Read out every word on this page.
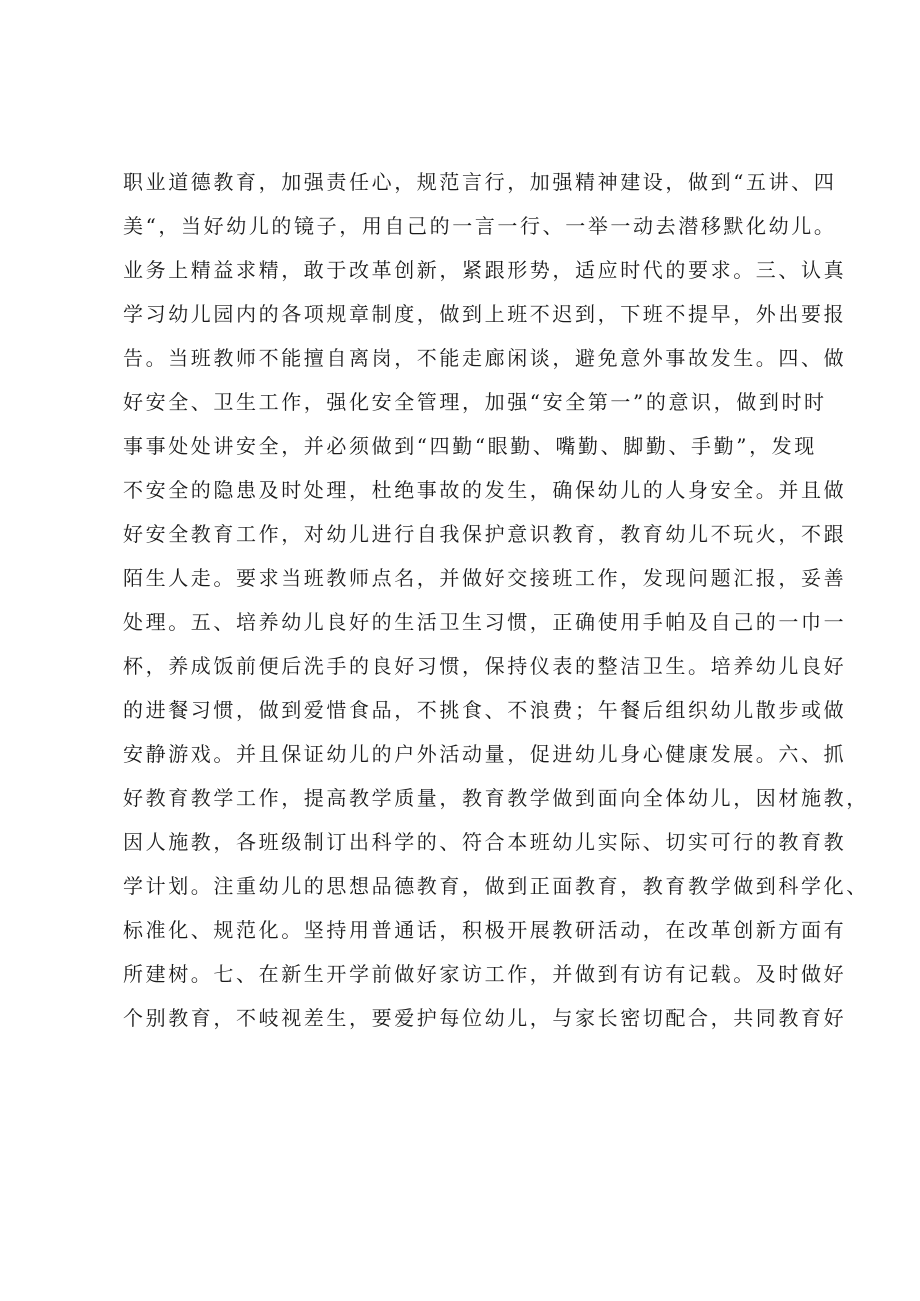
职业道德教育，加强责任心，规范言行，加强精神建设，做到“五讲、四

美“，当好幼儿的镜子，用自己的一言一行、一举一动去潜移默化幼儿。

业务上精益求精，敢于改革创新，紧跟形势，适应时代的要求。三、认真

学习幼儿园内的各项规章制度，做到上班不迟到，下班不提早，外出要报

告。当班教师不能擅自离岗，不能走廊闲谈，避免意外事故发生。四、做

好安全、卫生工作，强化安全管理，加强“安全第一”的意识，做到时时

事事处处讲安全，并必须做到“四勤“眼勤、嘴勤、脚勤、手勤”，发现

不安全的隐患及时处理，杜绝事故的发生，确保幼儿的人身安全。并且做

好安全教育工作，对幼儿进行自我保护意识教育，教育幼儿不玩火，不跟

陌生人走。要求当班教师点名，并做好交接班工作，发现问题汇报，妥善

处理。五、培养幼儿良好的生活卫生习惯，正确使用手帕及自己的一巾一

杯，养成饭前便后洗手的良好习惯，保持仪表的整洁卫生。培养幼儿良好

的进餐习惯，做到爱惜食品，不挑食、不浪费；午餐后组织幼儿散步或做

安静游戏。并且保证幼儿的户外活动量，促进幼儿身心健康发展。六、抓

好教育教学工作，提高教学质量，教育教学做到面向全体幼儿，因材施教，

因人施教，各班级制订出科学的、符合本班幼儿实际、切实可行的教育教

学计划。注重幼儿的思想品德教育，做到正面教育，教育教学做到科学化、

标准化、规范化。坚持用普通话，积极开展教研活动，在改革创新方面有

所建树。七、在新生开学前做好家访工作，并做到有访有记载。及时做好

个别教育，不岐视差生，要爱护每位幼儿，与家长密切配合，共同教育好
